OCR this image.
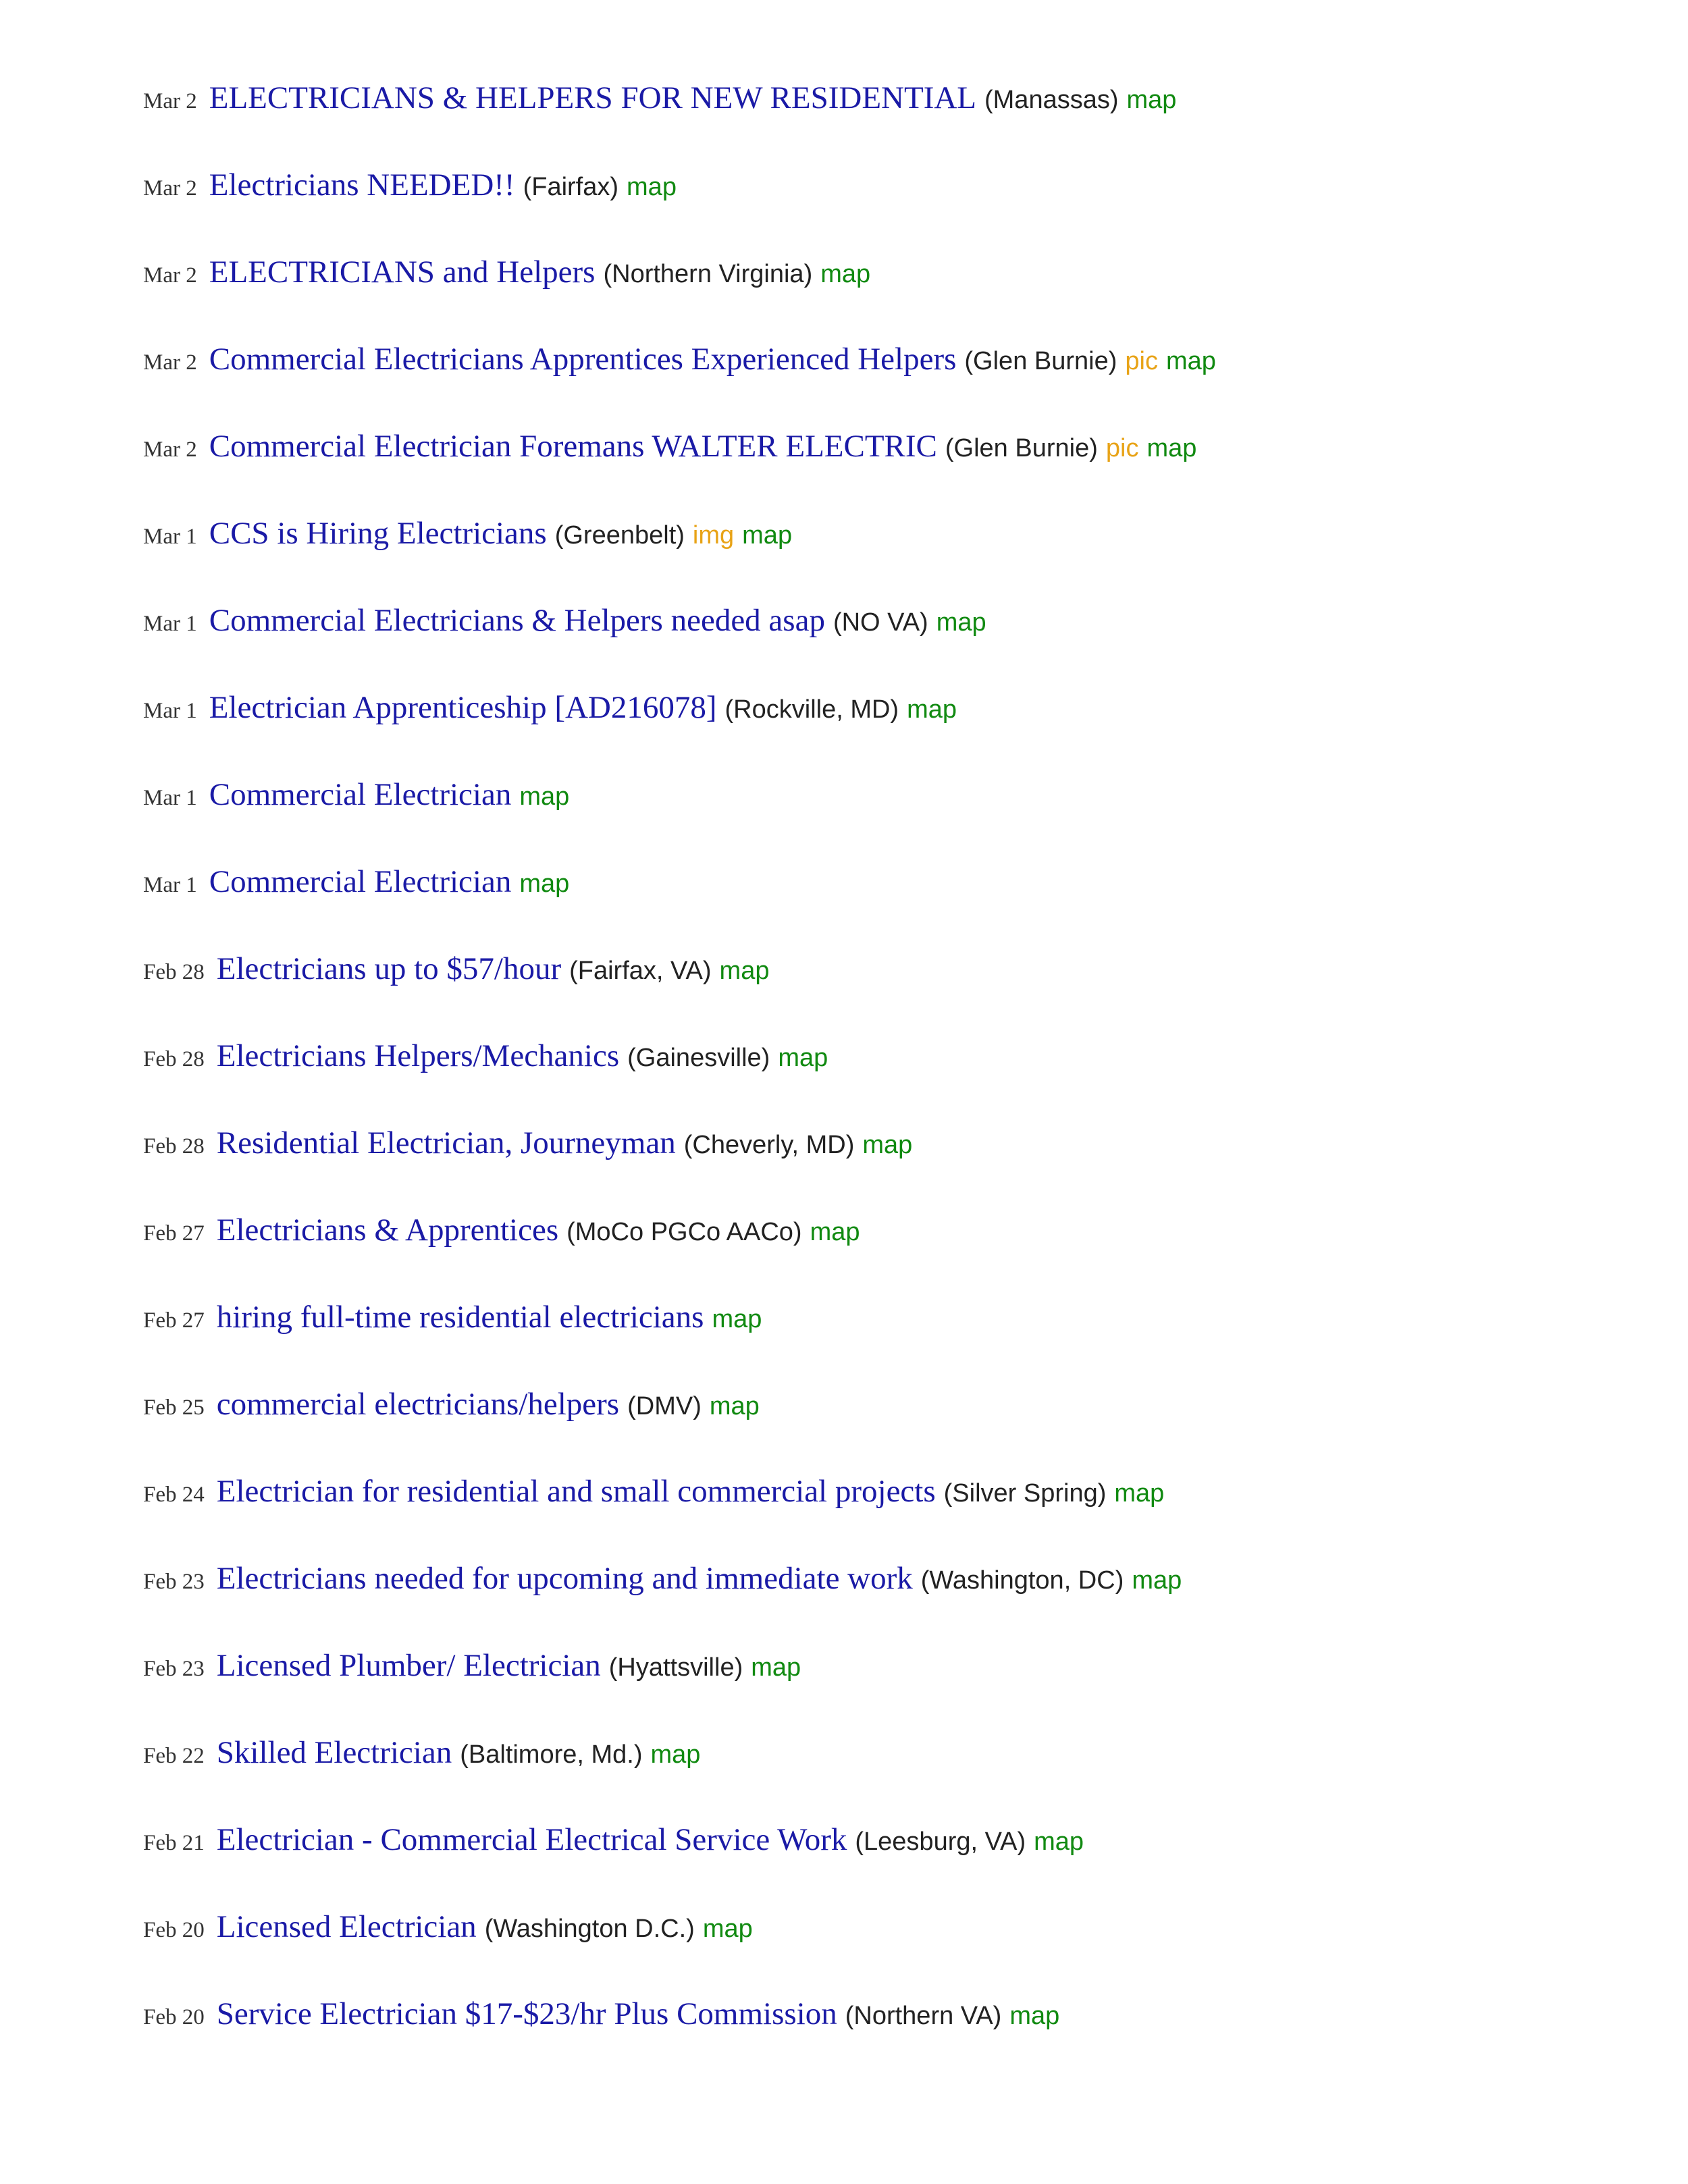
Mar 2 ELECTRICIANS & HELPERS FOR NEW RESIDENTIAL (Manassas) map
Mar 2 Electricians NEEDED!! (Fairfax) map
Mar 2 ELECTRICIANS and Helpers (Northern Virginia) map
Mar 2 Commercial Electricians Apprentices Experienced Helpers (Glen Burnie) pic map
Mar 2 Commercial Electrician Foremans WALTER ELECTRIC (Glen Burnie) pic map
Mar 1 CCS is Hiring Electricians (Greenbelt) img map
Mar 1 Commercial Electricians & Helpers needed asap (NO VA) map
Mar 1 Electrician Apprenticeship [AD216078] (Rockville, MD) map
Mar 1 Commercial Electrician map
Mar 1 Commercial Electrician map
Feb 28 Electricians up to $57/hour (Fairfax, VA) map
Feb 28 Electricians Helpers/Mechanics (Gainesville) map
Feb 28 Residential Electrician, Journeyman (Cheverly, MD) map
Feb 27 Electricians & Apprentices (MoCo PGCo AACo) map
Feb 27 hiring full-time residential electricians map
Feb 25 commercial electricians/helpers (DMV) map
Feb 24 Electrician for residential and small commercial projects (Silver Spring) map
Feb 23 Electricians needed for upcoming and immediate work (Washington, DC) map
Feb 23 Licensed Plumber/ Electrician (Hyattsville) map
Feb 22 Skilled Electrician (Baltimore, Md.) map
Feb 21 Electrician - Commercial Electrical Service Work (Leesburg, VA) map
Feb 20 Licensed Electrician (Washington D.C.) map
Feb 20 Service Electrician $17-$23/hr Plus Commission (Northern VA) map
